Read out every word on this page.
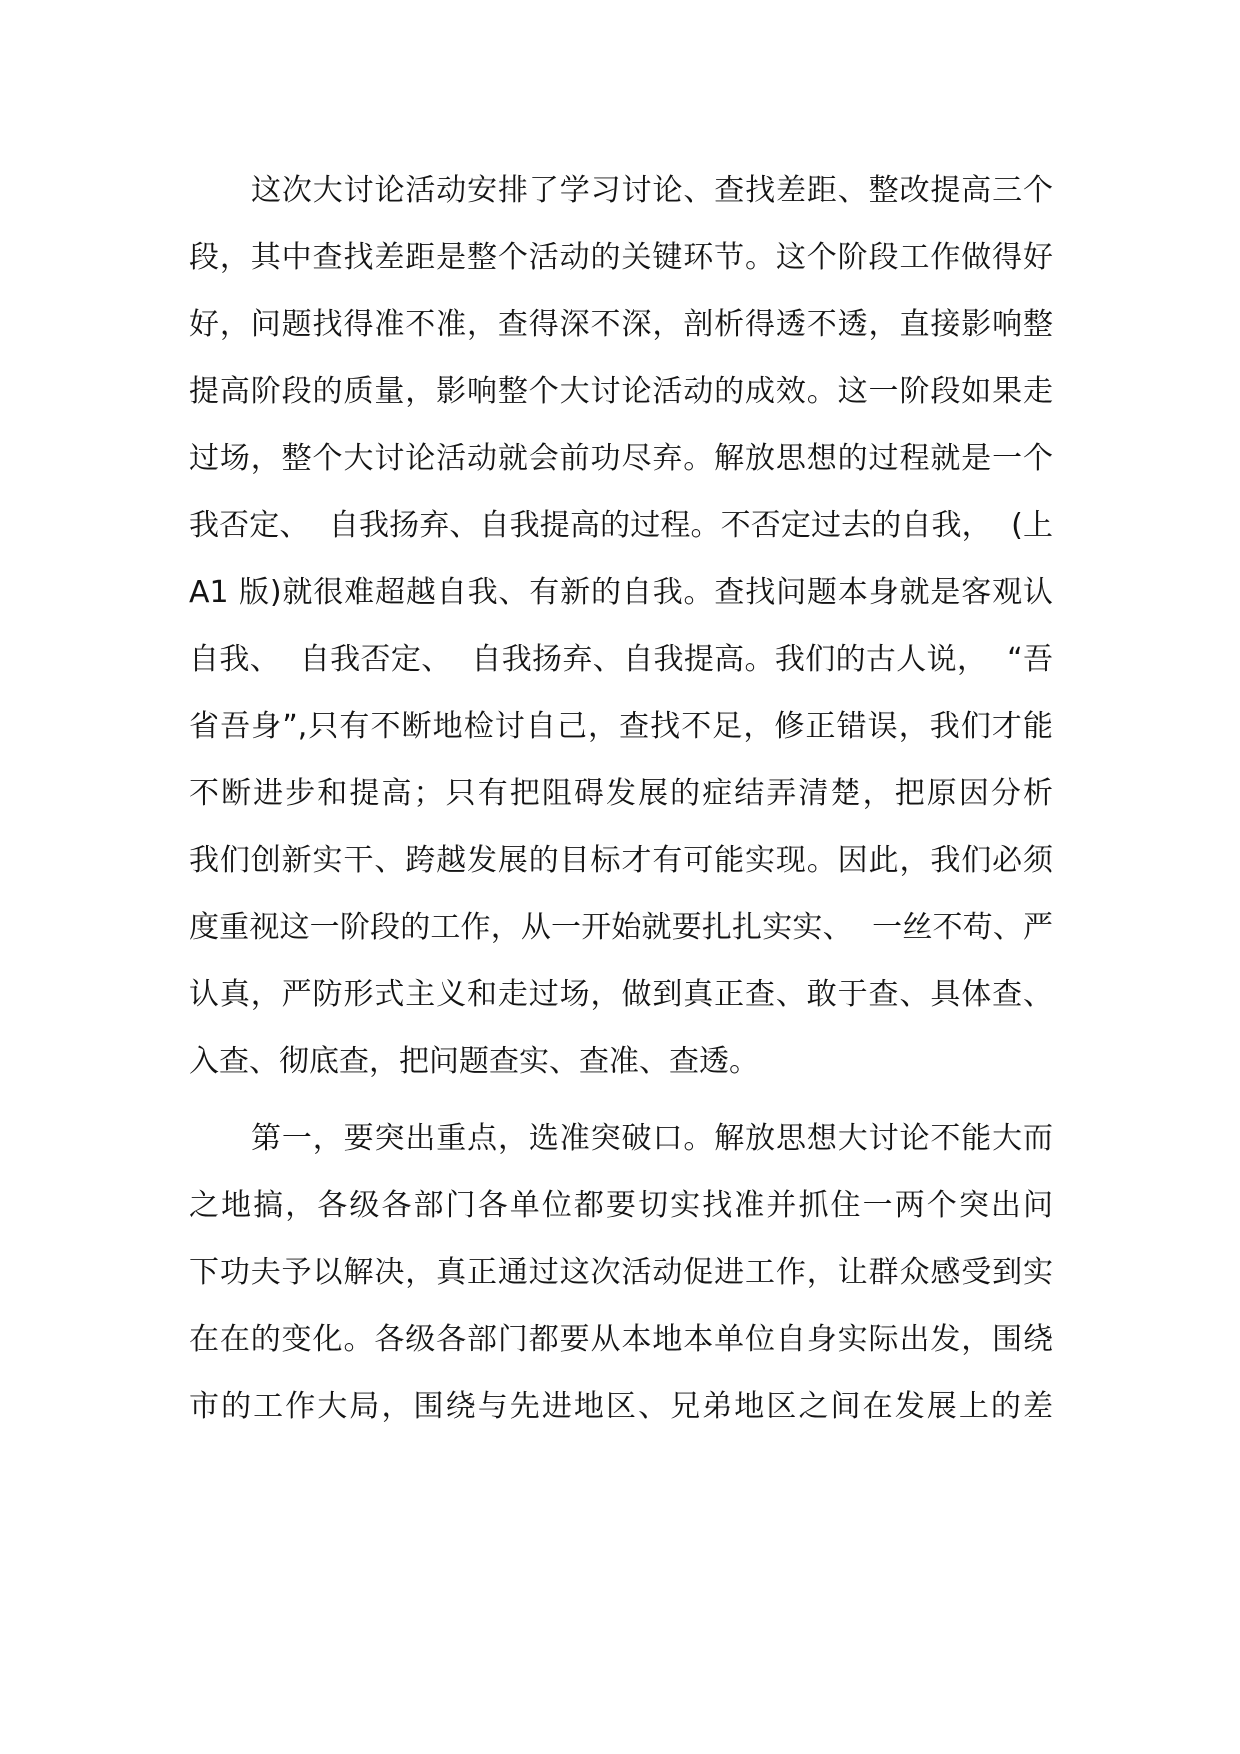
这次大讨论活动安排了学习讨论、查找差距、整改提高三个
段，其中查找差距是整个活动的关键环节。这个阶段工作做得好
好，问题找得准不准，查得深不深，剖析得透不透，直接影响整
提高阶段的质量，影响整个大讨论活动的成效。这一阶段如果走
过场，整个大讨论活动就会前功尽弃。解放思想的过程就是一个
我否定、  自我扬弃、自我提高的过程。不否定过去的自我，  (上
A1 版)就很难超越自我、有新的自我。查找问题本身就是客观认
自我、  自我否定、  自我扬弃、自我提高。我们的古人说，  “吾
省吾身”,只有不断地检讨自己，查找不足，修正错误，我们才能
不断进步和提高；只有把阻碍发展的症结弄清楚，把原因分析
我们创新实干、跨越发展的目标才有可能实现。因此，我们必须
度重视这一阶段的工作，从一开始就要扎扎实实、  一丝不苟、严
认真，严防形式主义和走过场，做到真正查、敢于查、具体查、
入查、彻底查，把问题查实、查准、查透。
第一，要突出重点，选准突破口。解放思想大讨论不能大而
之地搞，各级各部门各单位都要切实找准并抓住一两个突出问
下功夫予以解决，真正通过这次活动促进工作，让群众感受到实
在在的变化。各级各部门都要从本地本单位自身实际出发，围绕
市的工作大局，围绕与先进地区、兄弟地区之间在发展上的差
